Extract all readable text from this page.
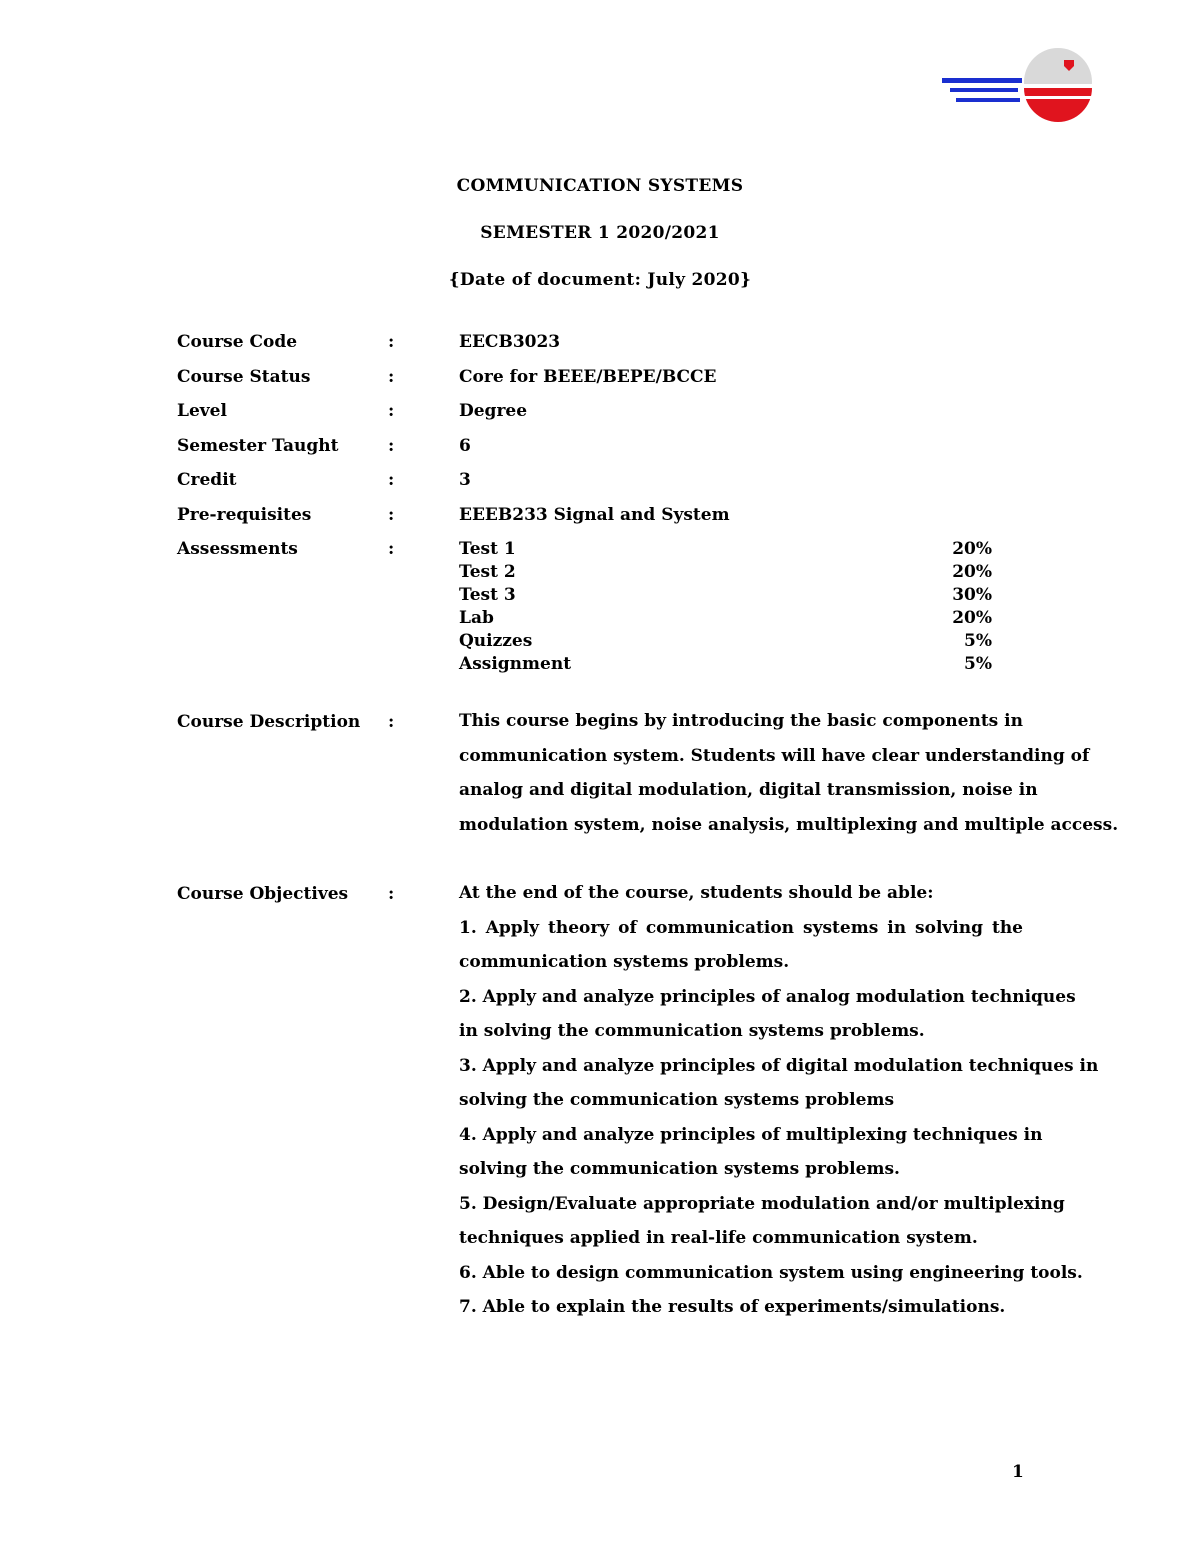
COMMUNICATION SYSTEMS
SEMESTER 1 2020/2021
{Date of document: July 2020}
Course Code	:	EECB3023
Course Status	:	Core for BEEE/BEPE/BCCE
Level	:	Degree
Semester Taught	:	6
Credit	:	3
Pre-requisites	:	EEEB233 Signal and System
Assessments	:	Test 1	20%
Test 2	20%
Test 3	30%
Lab	20%
Quizzes	5%
Assignment	5%
Course Description :	This course begins by introducing the basic components in
communication system. Students will have clear understanding of
analog and digital modulation, digital transmission, noise in
modulation system, noise analysis, multiplexing and multiple access.
Course Objectives :	At the end of the course, students should be able:
1. Apply theory of communication systems in solving the
communication systems problems.
2. Apply and analyze principles of analog modulation techniques
in solving the communication systems problems.
3. Apply and analyze principles of digital modulation techniques in
solving the communication systems problems
4. Apply and analyze principles of multiplexing techniques in
solving the communication systems problems.
5. Design/Evaluate appropriate modulation and/or multiplexing
techniques applied in real-life communication system.
6. Able to design communication system using engineering tools.
7. Able to explain the results of experiments/simulations.
1
